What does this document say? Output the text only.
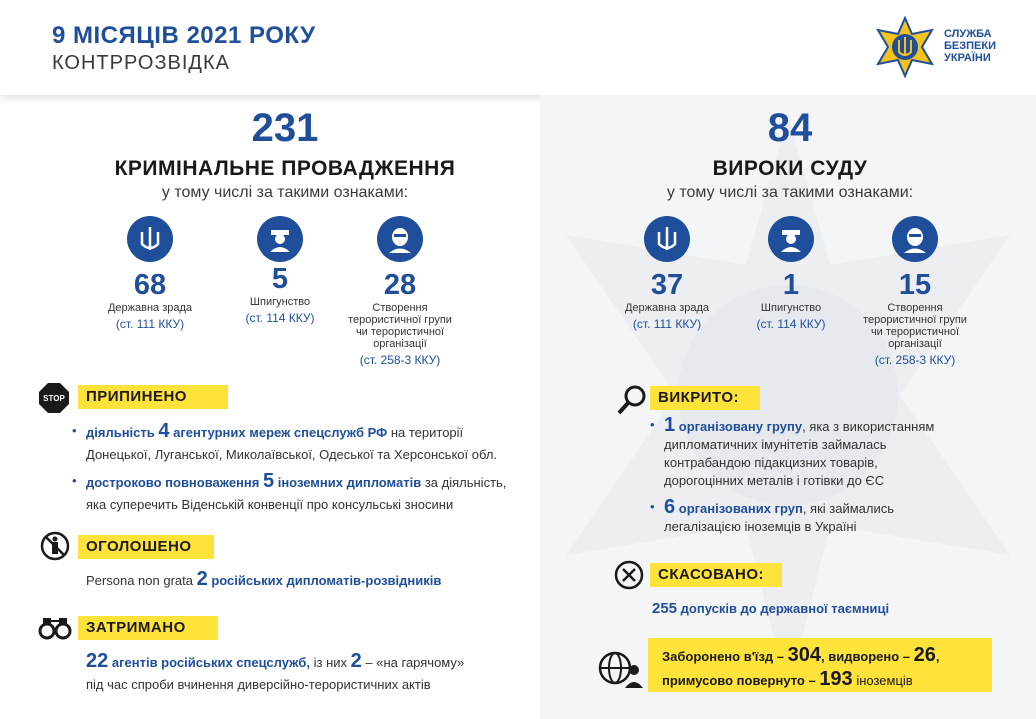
9 МІСЯЦІВ 2021 РОКУ
КОНТРРОЗВІДКА
СЛУЖБА
БЕЗПЕКИ
УКРАЇНИ
231
КРИМІНАЛЬНЕ ПРОВАДЖЕННЯ
у тому числі за такими ознаками:
68
Державна зрада
(ст. 111 ККУ)
5
Шпигунство
(ст. 114 ККУ)
28
Створення
терористичної групи
чи терористичної
організації
(ст. 258-3 ККУ)
84
ВИРОКИ СУДУ
у тому числі за такими ознаками:
37
Державна зрада
(ст. 111 ККУ)
1
Шпигунство
(ст. 114 ККУ)
15
Створення
терористичної групи
чи терористичної
організації
(ст. 258-3 ККУ)
STOP	ПРИПИНЕНО
• діяльність 4 агентурних мереж спецслужб РФ на території
Донецької, Луганської, Миколаївської, Одеської та Херсонської обл.
• достроково повноваження 5 іноземних дипломатів за діяльність,
яка суперечить Віденській конвенції про консульські зносини
ОГОЛОШЕНО
Persona non grata 2 російських дипломатів-розвідників
ЗАТРИМАНО
22 агентів російських спецслужб, із них 2 – «на гарячому»
під час спроби вчинення диверсійно-терористичних актів
ВИКРИТО:
• 1 організовану групу, яка з використанням
дипломатичних імунітетів займалась
контрабандою підакцизних товарів,
дорогоцінних металів і готівки до ЄС
• 6 організованих груп, які займались
легалізацією іноземців в Україні
СКАСОВАНО:
255 допусків до державної таємниці
Заборонено в'їзд – 304, видворено – 26,
примусово повернуто – 193 іноземців
